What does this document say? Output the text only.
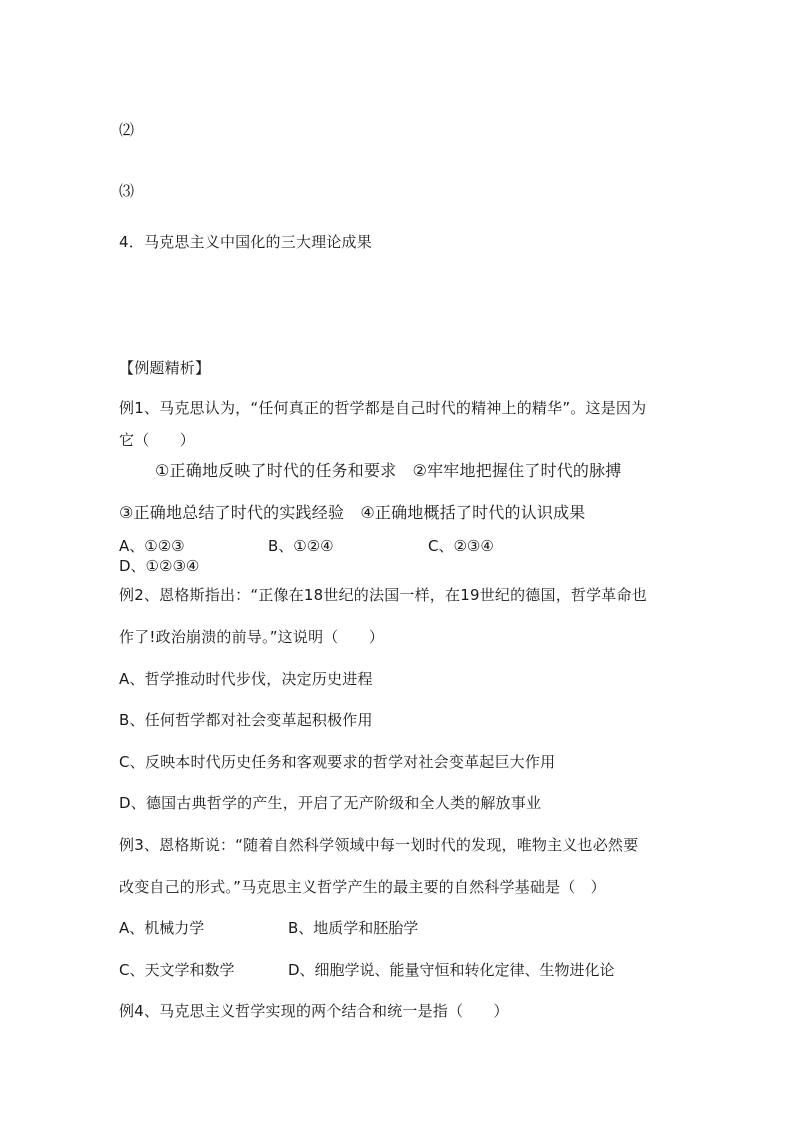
⑵
⑶
4．马克思主义中国化的三大理论成果
【例题精析】
例1、马克思认为，“任何真正的哲学都是自己时代的精神上的精华”。这是因为
它（　　）
①正确地反映了时代的任务和要求　②牢牢地把握住了时代的脉搏
③正确地总结了时代的实践经验　④正确地概括了时代的认识成果
A、①②③	B、①②④	C、②③④
D、①②③④
例2、恩格斯指出：“正像在18世纪的法国一样，在19世纪的德国，哲学革命也
作了!政治崩溃的前导。”这说明（　　）
A、哲学推动时代步伐，决定历史进程
B、任何哲学都对社会变革起积极作用
C、反映本时代历史任务和客观要求的哲学对社会变革起巨大作用
D、德国古典哲学的产生，开启了无产阶级和全人类的解放事业
例3、恩格斯说：“随着自然科学领域中每一划时代的发现，唯物主义也必然要
改变自己的形式。”马克思主义哲学产生的最主要的自然科学基础是（　）
A、机械力学	B、地质学和胚胎学
C、天文学和数学	D、细胞学说、能量守恒和转化定律、生物进化论
例4、马克思主义哲学实现的两个结合和统一是指（　　）
